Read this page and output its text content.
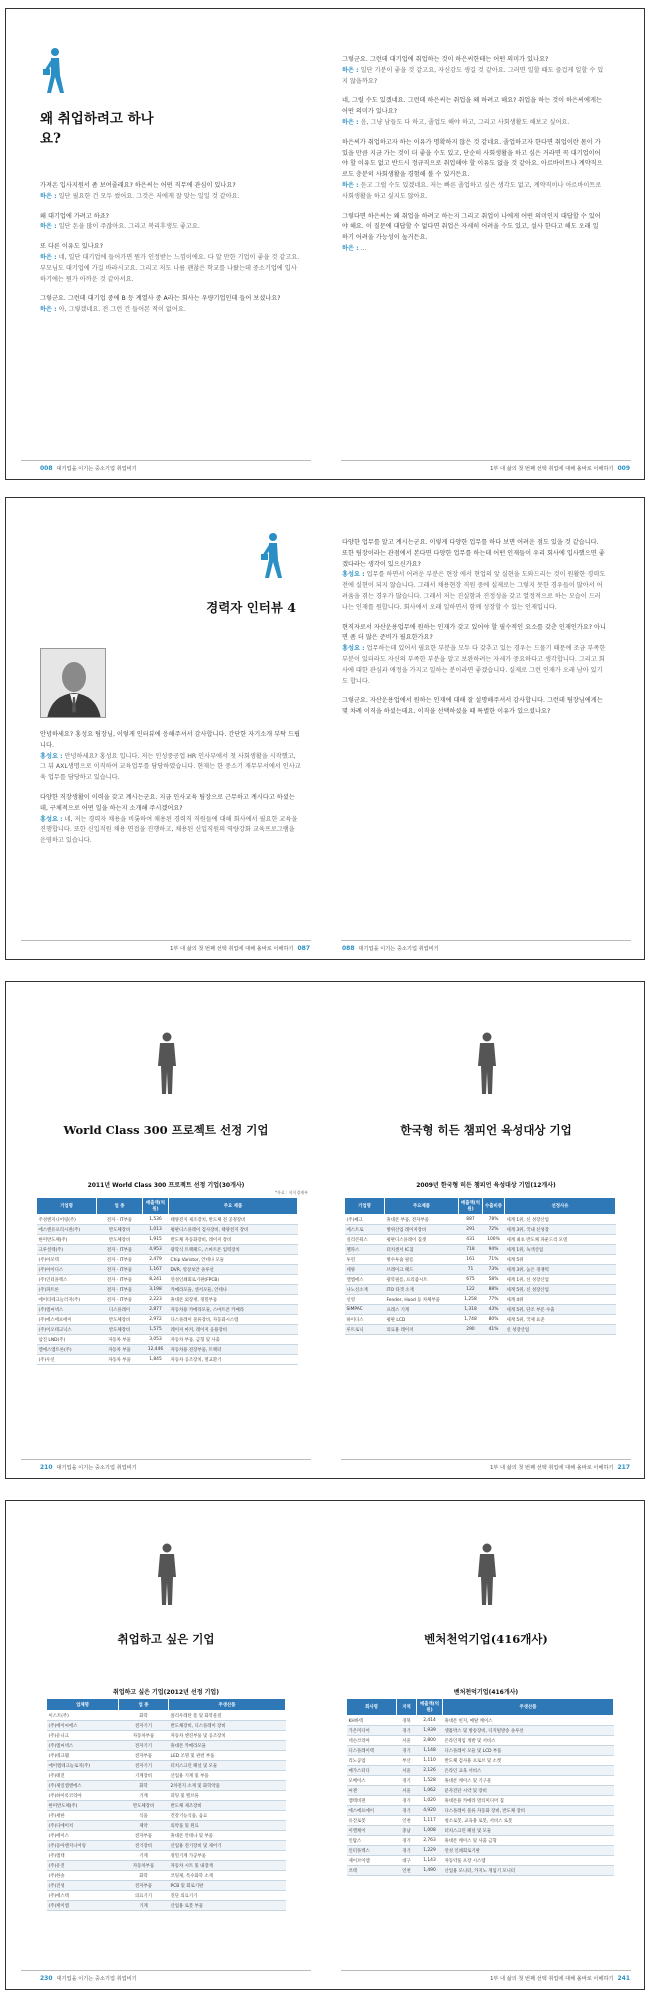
왜 취업하려고 하나요?
가져온 입사지원서 좀 보여줄래요? 하은씨는 어떤 직무에 관심이 있나요?
하은 : 일단 필요한 건 모두 썼어요. 그것은 저에게 잘 맞는 일일 것 같아요.
왜 대기업에 가려고 하죠?
하은 : 일단 돈을 많이 주잖아요. 그리고 복리후생도 좋고요.
또 다른 이유도 있나요?
하은 : 네, 일단 대기업에 들어가면 뭔가 인정받는 느낌이에요. 다 알 만한 기업이 좋을 것 같고요. 부모님도 대기업에 가길 바라시고요. 그리고 저도 나름 괜찮은 학교를 나왔는데 중소기업에 입사하기에는 뭔가 아까운 것 같아서요.
그렇군요. 그런데 대기업 중에 B 등 계열사 중 A라는 회사는 우량기업인데 들어 보셨나요?
하은 : 아, 그렇겠네요. 전 그런 건 들어본 적이 없어요.
008 대기업을 이기는 중소기업 취업비기
그렇군요. 그런데 대기업에 취업하는 것이 하은씨한테는 어떤 의미가 있나요?
하은 : 일단 기분이 좋을 것 같고요, 자신감도 생길 것 같아요. 그러면 일할 때도 즐겁게 일할 수 있지 않을까요?
네, 그럴 수도 있겠네요. 그런데 하은씨는 취업을 왜 하려고 해요? 취업을 하는 것이 하은씨에게는 어떤 의미가 있나요?
하은 : 음, 그냥 남들도 다 하고, 졸업도 해야 하고, 그리고 사회생활도 해보고 싶어요.
하은씨가 취업하고자 하는 이유가 명확하지 않은 것 같네요. 졸업하고자 한다면 취업이란 몸이 가 있을 만큼 지금 가는 것이 더 좋을 수도 있고, 단순히 사회생활을 하고 싶은 거라면 꼭 대기업이어야 할 이유도 없고 반드시 정규직으로 취업해야 할 이유도 없을 것 같아요. 아르바이트나 계약직으로도 충분히 사회생활을 경험해 볼 수 있거든요.
하은 : 듣고 그럴 수도 있겠네요. 저는 빠른 졸업하고 싶은 생각도 없고, 계약직이나 아르바이트로 사회생활을 하고 싶지도 않아요.
그렇다면 하은씨는 왜 취업을 하려고 하는지 그리고 취업이 나에게 어떤 의미인지 대답할 수 있어야 해요. 이 질문에 대답할 수 없다면 취업은 자세히 어려울 수도 있고, 설사 한다고 해도 오래 일하기 어려울 가능성이 높거든요.
하은 : …
1부 내 삶의 첫 번째 선택 취업에 대해 올바로 이해하기 009
경력자 인터뷰 4
안녕하세요? 홍성요 팀장님, 이렇게 인터뷰에 응해주셔서 감사합니다. 간단한 자기소개 부탁 드립니다.
홍성요 : 안녕하세요? 홍성요 입니다. 저는 인성중공업 HR 인사부에서 첫 사회생활을 시작했고, 그 뒤 AXL생명으로 이직하여 교육업무를 담당하였습니다. 현재는 한 중소기 재무부서에서 인사교육 업무를 담당하고 있습니다.
다양한 직장생활이 이력을 갖고 계시는군요. 지금 인사교육 팀장으로 근무하고 계시다고 하셨는데, 구체적으로 어떤 일을 하는지 소개해 주시겠어요?
홍성요 : 네, 저는 경력자 채용을 비롯하여 채용된 경력직 직원들에 대해 회사에서 필요한 교육을 진행합니다. 또한 신입직원 채용 면접을 진행하고, 채용된 신입직원의 역량강화 교육프로그램을 운영하고 있습니다.
1부 내 삶의 첫 번째 선택 취업에 대해 올바로 이해하기 087
다양한 업무를 알고 계시는군요. 이렇게 다양한 업무를 하다 보면 어려운 점도 있을 것 같습니다. 또한 팀장이라는 관점에서 본다면 다양한 업무를 하는데 어떤 인재들이 우리 회사에 입사했으면 좋겠다라는 생각이 있으신가요?
홍성요 : 업무를 하면서 어려운 부분은 현장 에서 현업의 앞 실현을 도와드리는 것이 원활한 경력도 전에 실현이 되지 않습니다. 그래서 채용현장 직원 중에 실제로는 그렇지 못한 경우들이 많아서 어려움을 겪는 경우가 많습니다. 그래서 저는 진실함과 진정성을 갖고 열정적으로 하는 모습이 드러나는 인재를 원합니다. 회사에서 오래 일하면서 함께 성장할 수 있는 인재입니다.
현직자로서 자산운용업무에 원하는 인재가 갖고 있어야 할 필수적인 요소를 갖춘 인재인가요? 아니면 좀 더 많은 준비가 필요한가요?
홍성요 : 업무하는데 있어서 필요한 부분을 모두 다 갖추고 있는 경우는 드물기 때문에 조금 부족한 부분이 있더라도 자신의 부족한 부분을 알고 보완하려는 자세가 중요하다고 생각합니다. 그리고 회사에 대한 관심과 애정을 가지고 일하는 분이라면 좋겠습니다. 실제로 그런 인재가 오래 남아 있기도 합니다.
그렇군요. 자산운용업에서 원하는 인재에 대해 잘 설명해주셔서 감사합니다. 그런데 팀장님에게는 몇 차례 이직을 하셨는데요. 이직을 선택하셨을 때 특별한 이유가 있으셨나요?
088 대기업을 이기는 중소기업 취업비기
World Class 300 프로젝트 선정 기업
2011년 World Class 300 프로젝트 선정 기업(30개사)
*자료 : 지식경제부
기업명	업 종	매출액(억원)	주요 제품
주성엔지니어링(주)	전자 · IT부품	1,536	태양전지 제조장치, 반도체 전 공정장비
에스엔유프리시젼(주)	반도체장비	1,013	평판디스플레이 검사장비, 태양전지 장비
한미반도체(주)	반도체장비	1,915	반도체 자동화장비, 레이저 장비
크루셜텍(주)	전자 · IT부품	4,953	광학식 트랙패드, 스마트폰 입력장치
(주)아모텍	전자 · IT부품	2,479	Chip Varistor, 안테나 모듈
(주)아이디스	전자 · IT부품	1,167	DVR, 영상보안 솔루션
(주)인터플렉스	전자 · IT부품	8,241	연성인쇄회로기판(FPCB)
(주)파트론	전자 · IT부품	3,198	카메라모듈, 센서모듈, 안테나
에이티테크놀러지(주)	전자 · IT부품	2,223	휴대폰 외장재, 정밀부품
(주)엠씨넥스	디스플레이	2,877	자동차용 카메라모듈, 스마트폰 카메라
(주)에스에프에이	반도체장비	2,972	디스플레이 물류장비, 자동화시스템
(주)이오테크닉스	반도체장비	1,575	레이저 마커, 레이저 응용장비
삼진 LND(주)	자동차 부품	3,053	자동차 부품, 금형 및 사출
엘에스엠트론(주)	자동차 부품	12,446	자동차용 전장부품, 트랙터
(주)우신	자동차 부품	1,845	자동차 공조장치, 열교환기
210 대기업을 이기는 중소기업 취업비기
한국형 히든 챔피언 육성대상 기업
2009년 한국형 히든 챔피언 육성대상 기업(12개사)
기업명	주요제품	매출액(억원)	수출비중	선정사유
(주)쎄크	휴대폰 부품, 전자부품	887	78%	세계 1위, 신 성장산업
에스트로	방위산업 레이저장비	291	72%	세계 3위, 국내 신성장
실리콘웍스	평판디스플레이 칩셋	431	100%	세계 최초 반도체 파운드리 모델
멜파스	터치센서 IC칩	718	94%	세계 1위, 녹색산업
투윈	방수투습 필름	161	71%	세계 5위
세양	브레이크 패드	71	73%	세계 3위, 높은 경쟁력
엘엠에스	광학필름, 프리즘시트	675	58%	세계 1위, 신 성장산업
나노신소재	ITO 타겟 소재	122	88%	세계 5위, 신 성장산업
신영	Fender, Hood 등 차체부품	1,258	77%	세계 4위
SIMPAC	프레스 기계	1,318	43%	세계 5위, 단조 부문 수출
하이디스	평판 LCD	1,748	80%	세계 5위, 국제 표준
루트로닉	의료용 레이저	290	41%	신 성장산업
1부 내 삶의 첫 번째 선택 취업에 대해 올바로 이해하기 217
취업하고 싶은 기업
취업하고 싶은 기업(2012년 선정 기업)
업체명	업 종	주생산품
이스트(주)	화학	폴리우레탄 폼 및 화학물질
(주)에이씨에스	전자기기	반도체장비, 디스플레이 장비
(주)유니크	자동차부품	자동차 엔진부품 및 공조장치
(주)엠씨넥스	전자기기	휴대폰 카메라모듈
(주)테크웰	전자부품	LED 조명 및 관련 부품
에이엠테크놀로지(주)	전자기기	터치스크린 패널 및 모듈
(주)태진	기계장비	산업용 기계 및 부품
(주)제일엠앤에스	화학	2차전지 소재 및 화학약품
(주)하이록코리아	기계	피팅 및 밸브류
한미반도체(주)	반도체장비	반도체 제조장비
(주)세한	식품	건강기능식품, 음료
(주)디에이치	제약	의약품 및 원료
(주)에이스	전자부품	휴대폰 안테나 및 부품
(주)동아엔지니어링	전기장비	산업용 전기장비 및 제어기
(주)엠텍	기계	정밀기계 가공부품
(주)유진	자동차부품	자동차 시트 및 내장재
(주)한솔	화학	코팅제, 특수화학 소재
(주)진성	전자부품	PCB 및 회로기판
(주)에스텍	의료기기	진단 의료기기
(주)케이엠	기계	산업용 로봇 부품
230 대기업을 이기는 중소기업 취업비기
벤처천억기업(416개사)
벤처천억기업(416개사)
회사명	지역	매출액(억원)	주생산품
KH바텍	경북	2,414	휴대폰 힌지, 메탈 케이스
가온미디어	경기	1,939	셋톱박스 및 방송장비, 디지털방송 솔루션
넥슨코리아	서울	2,800	온라인게임 개발 및 서비스
디스플레이텍	경기	1,148	디스플레이 모듈 및 LCD 부품
리노공업	부산	1,110	반도체 검사용 프로브 및 소켓
메가스터디	서울	2,126	온라인 교육 서비스
모베이스	경기	1,528	휴대폰 케이스 및 기구물
씨젠	서울	1,062	분자진단 시약 및 장비
엠텍비젼	경기	1,020	휴대폰용 카메라 멀티미디어 칩
에스에프에이	경기	4,920	디스플레이 물류 자동화 장비, 반도체 장비
유진로봇	인천	1,117	청소로봇, 교육용 로봇, 서비스 로봇
이엘케이	충남	1,008	터치스크린 패널 및 모듈
인탑스	경기	2,763	휴대폰 케이스 및 사출 금형
인터플렉스	경기	1,229	연성 인쇄회로기판
제이브이엠	대구	1,143	자동약품 포장 시스템
코텍	인천	1,490	산업용 모니터, 카지노 게임기 모니터
1부 내 삶의 첫 번째 선택 취업에 대해 올바로 이해하기 241
